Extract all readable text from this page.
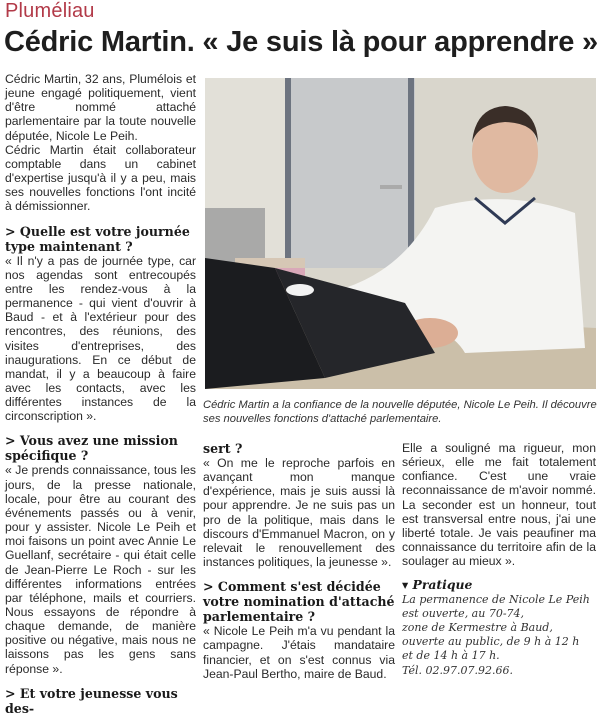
Pluméliau
Cédric Martin. « Je suis là pour apprendre »

Cédric Martin, 32 ans, Plumélois et jeune engagé politiquement, vient d'être nommé attaché parlementaire par la toute nouvelle députée, Nicole Le Peih.

Cédric Martin était collaborateur comptable dans un cabinet d'expertise jusqu'à il y a peu, mais ses nouvelles fonctions l'ont incité à démissionner.

> Quelle est votre journée type maintenant ?

« Il n'y a pas de journée type, car nos agendas sont entrecoupés entre les rendez-vous à la permanence - qui vient d'ouvrir à Baud - et à l'extérieur pour des rencontres, des réunions, des visites d'entreprises, des inaugurations. En ce début de mandat, il y a beaucoup à faire avec les contacts, avec les différentes instances de la circonscription ».

> Vous avez une mission spécifique ?

« Je prends connaissance, tous les jours, de la presse nationale, locale, pour être au courant des événements passés ou à venir, pour y assister. Nicole Le Peih et moi faisons un point avec Annie Le Guellanf, secrétaire - qui était celle de Jean-Pierre Le Roch - sur les différentes informations entrées par téléphone, mails et courriers. Nous essayons de répondre à chaque demande, de manière positive ou négative, mais nous ne laissons pas les gens sans réponse ».

> Et votre jeunesse vous des-

Cédric Martin a la confiance de la nouvelle députée, Nicole Le Peih. Il découvre ses nouvelles fonctions d'attaché parlementaire.

sert ?

« On me le reproche parfois en avançant mon manque d'expérience, mais je suis aussi là pour apprendre. Je ne suis pas un pro de la politique, mais dans le discours d'Emmanuel Macron, on y relevait le renouvellement des instances politiques, la jeunesse ».

> Comment s'est décidée votre nomination d'attaché parlementaire ?

« Nicole Le Peih m'a vu pendant la campagne. J'étais mandataire financier, et on s'est connus via Jean-Paul Bertho, maire de Baud.

Elle a souligné ma rigueur, mon sérieux, elle me fait totalement confiance. C'est une vraie reconnaissance de m'avoir nommé. La seconder est un honneur, tout est transversal entre nous, j'ai une liberté totale. Je vais peaufiner ma connaissance du territoire afin de la soulager au mieux ».

▾ Pratique
La permanence de Nicole Le Peih
est ouverte, au 70-74,
zone de Kermestre à Baud,
ouverte au public, de 9 h à 12 h
et de 14 h à 17 h.
Tél. 02.97.07.92.66.
